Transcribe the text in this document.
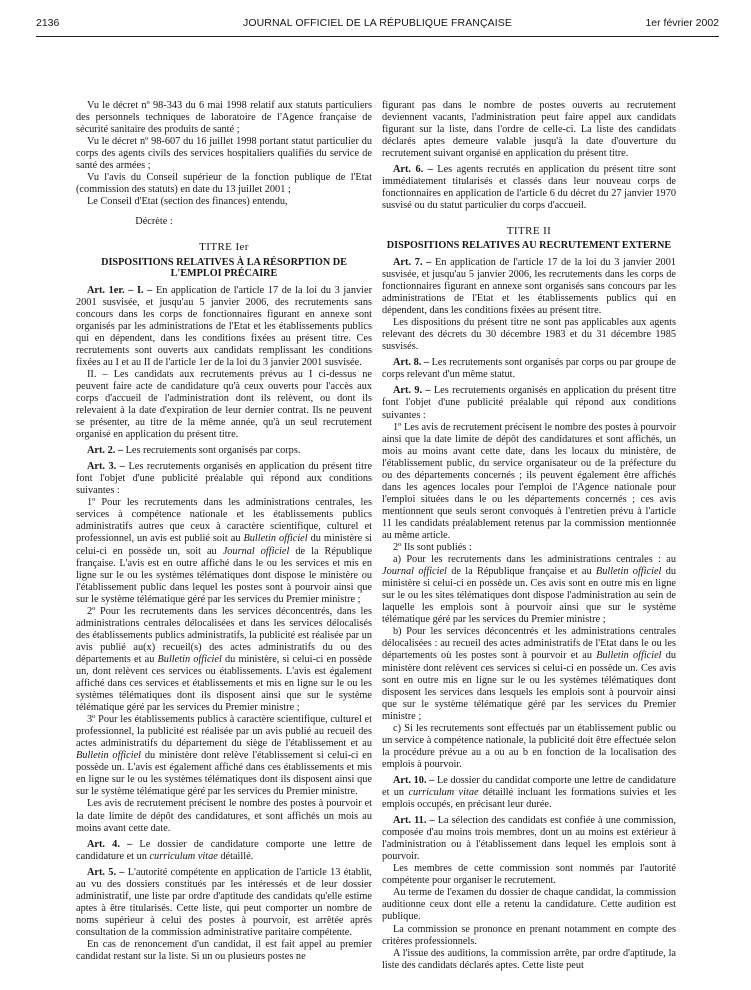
2136	JOURNAL OFFICIEL DE LA RÉPUBLIQUE FRANÇAISE	1er février 2002

Vu le décret nº 98-343 du 6 mai 1998 relatif aux statuts particuliers des personnels techniques de laboratoire de l'Agence française de sécurité sanitaire des produits de santé ;

Vu le décret nº 98-607 du 16 juillet 1998 portant statut particulier du corps des agents civils des services hospitaliers qualifiés du service de santé des armées ;

Vu l'avis du Conseil supérieur de la fonction publique de l'Etat (commission des statuts) en date du 13 juillet 2001 ;

Le Conseil d'Etat (section des finances) entendu,

Décrète :

TITRE Ier
DISPOSITIONS RELATIVES À LA RÉSORPTION DE L'EMPLOI PRÉCAIRE

Art. 1er. – I. – En application de l'article 17 de la loi du 3 janvier 2001 susvisée, et jusqu'au 5 janvier 2006, des recrutements sans concours dans les corps de fonctionnaires figurant en annexe sont organisés par les administrations de l'Etat et les établissements publics qui en dépendent, dans les conditions fixées au présent titre. Ces recrutements sont ouverts aux candidats remplissant les conditions fixées au I et au II de l'article 1er de la loi du 3 janvier 2001 susvisée.

II. – Les candidats aux recrutements prévus au I ci-dessus ne peuvent faire acte de candidature qu'à ceux ouverts pour l'accès aux corps d'accueil de l'administration dont ils relèvent, ou dont ils relevaient à la date d'expiration de leur dernier contrat. Ils ne peuvent se présenter, au titre de la même année, qu'à un seul recrutement organisé en application du présent titre.

Art. 2. – Les recrutements sont organisés par corps.

Art. 3. – Les recrutements organisés en application du présent titre font l'objet d'une publicité préalable qui répond aux conditions suivantes :

1º Pour les recrutements dans les administrations centrales, les services à compétence nationale et les établissements publics administratifs autres que ceux à caractère scientifique, culturel et professionnel, un avis est publié soit au Bulletin officiel du ministère si celui-ci en possède un, soit au Journal officiel de la République française. L'avis est en outre affiché dans le ou les services et mis en ligne sur le ou les systèmes télématiques dont dispose le ministère ou l'établissement public dans lequel les postes sont à pourvoir ainsi que sur le système télématique géré par les services du Premier ministre ;

2º Pour les recrutements dans les services déconcentrés, dans les administrations centrales délocalisées et dans les services délocalisés des établissements publics administratifs, la publicité est réalisée par un avis publié au(x) recueil(s) des actes administratifs du ou des départements et au Bulletin officiel du ministère, si celui-ci en possède un, dont relèvent ces services ou établissements. L'avis est également affiché dans ces services et établissements et mis en ligne sur le ou les systèmes télématiques dont ils disposent ainsi que sur le système télématique géré par les services du Premier ministre ;

3º Pour les établissements publics à caractère scientifique, culturel et professionnel, la publicité est réalisée par un avis publié au recueil des actes administratifs du département du siège de l'établissement et au Bulletin officiel du ministère dont relève l'établissement si celui-ci en possède un. L'avis est également affiché dans ces établissements et mis en ligne sur le ou les systèmes télématiques dont ils disposent ainsi que sur le système télématique géré par les services du Premier ministre.

Les avis de recrutement précisent le nombre des postes à pourvoir et la date limite de dépôt des candidatures, et sont affichés un mois au moins avant cette date.

Art. 4. – Le dossier de candidature comporte une lettre de candidature et un curriculum vitae détaillé.

Art. 5. – L'autorité compétente en application de l'article 13 établit, au vu des dossiers constitués par les intéressés et de leur dossier administratif, une liste par ordre d'aptitude des candidats qu'elle estime aptes à être titularisés. Cette liste, qui peut comporter un nombre de noms supérieur à celui des postes à pourvoir, est arrêtée après consultation de la commission administrative paritaire compétente.

En cas de renoncement d'un candidat, il est fait appel au premier candidat restant sur la liste. Si un ou plusieurs postes ne

figurant pas dans le nombre de postes ouverts au recrutement deviennent vacants, l'administration peut faire appel aux candidats figurant sur la liste, dans l'ordre de celle-ci. La liste des candidats déclarés aptes demeure valable jusqu'à la date d'ouverture du recrutement suivant organisé en application du présent titre.

Art. 6. – Les agents recrutés en application du présent titre sont immédiatement titularisés et classés dans leur nouveau corps de fonctionnaires en application de l'article 6 du décret du 27 janvier 1970 susvisé ou du statut particulier du corps d'accueil.

TITRE II
DISPOSITIONS RELATIVES AU RECRUTEMENT EXTERNE

Art. 7. – En application de l'article 17 de la loi du 3 janvier 2001 susvisée, et jusqu'au 5 janvier 2006, les recrutements dans les corps de fonctionnaires figurant en annexe sont organisés sans concours par les administrations de l'Etat et les établissements publics qui en dépendent, dans les conditions fixées au présent titre.

Les dispositions du présent titre ne sont pas applicables aux agents relevant des décrets du 30 décembre 1983 et du 31 décembre 1985 susvisés.

Art. 8. – Les recrutements sont organisés par corps ou par groupe de corps relevant d'un même statut.

Art. 9. – Les recrutements organisés en application du présent titre font l'objet d'une publicité préalable qui répond aux conditions suivantes :

1º Les avis de recrutement précisent le nombre des postes à pourvoir ainsi que la date limite de dépôt des candidatures et sont affichés, un mois au moins avant cette date, dans les locaux du ministère, de l'établissement public, du service organisateur ou de la préfecture du ou des départements concernés ; ils peuvent également être affichés dans les agences locales pour l'emploi de l'Agence nationale pour l'emploi situées dans le ou les départements concernés ; ces avis mentionnent que seuls seront convoqués à l'entretien prévu à l'article 11 les candidats préalablement retenus par la commission mentionnée au même article.

2º Ils sont publiés :

a) Pour les recrutements dans les administrations centrales : au Journal officiel de la République française et au Bulletin officiel du ministère si celui-ci en possède un. Ces avis sont en outre mis en ligne sur le ou les sites télématiques dont dispose l'administration au sein de laquelle les emplois sont à pourvoir ainsi que sur le système télématique géré par les services du Premier ministre ;

b) Pour les services déconcentrés et les administrations centrales délocalisées : au recueil des actes administratifs de l'Etat dans le ou les départements où les postes sont à pourvoir et au Bulletin officiel du ministère dont relèvent ces services si celui-ci en possède un. Ces avis sont en outre mis en ligne sur le ou les systèmes télématiques dont disposent les services dans lesquels les emplois sont à pourvoir ainsi que sur le système télématique géré par les services du Premier ministre ;

c) Si les recrutements sont effectués par un établissement public ou un service à compétence nationale, la publicité doit être effectuée selon la procédure prévue au a ou au b en fonction de la localisation des emplois à pourvoir.

Art. 10. – Le dossier du candidat comporte une lettre de candidature et un curriculum vitae détaillé incluant les formations suivies et les emplois occupés, en précisant leur durée.

Art. 11. – La sélection des candidats est confiée à une commission, composée d'au moins trois membres, dont un au moins est extérieur à l'administration ou à l'établissement dans lequel les emplois sont à pourvoir.

Les membres de cette commission sont nommés par l'autorité compétente pour organiser le recrutement.

Au terme de l'examen du dossier de chaque candidat, la commission auditionne ceux dont elle a retenu la candidature. Cette audition est publique.

La commission se prononce en prenant notamment en compte des critères professionnels.

A l'issue des auditions, la commission arrête, par ordre d'aptitude, la liste des candidats déclarés aptes. Cette liste peut
